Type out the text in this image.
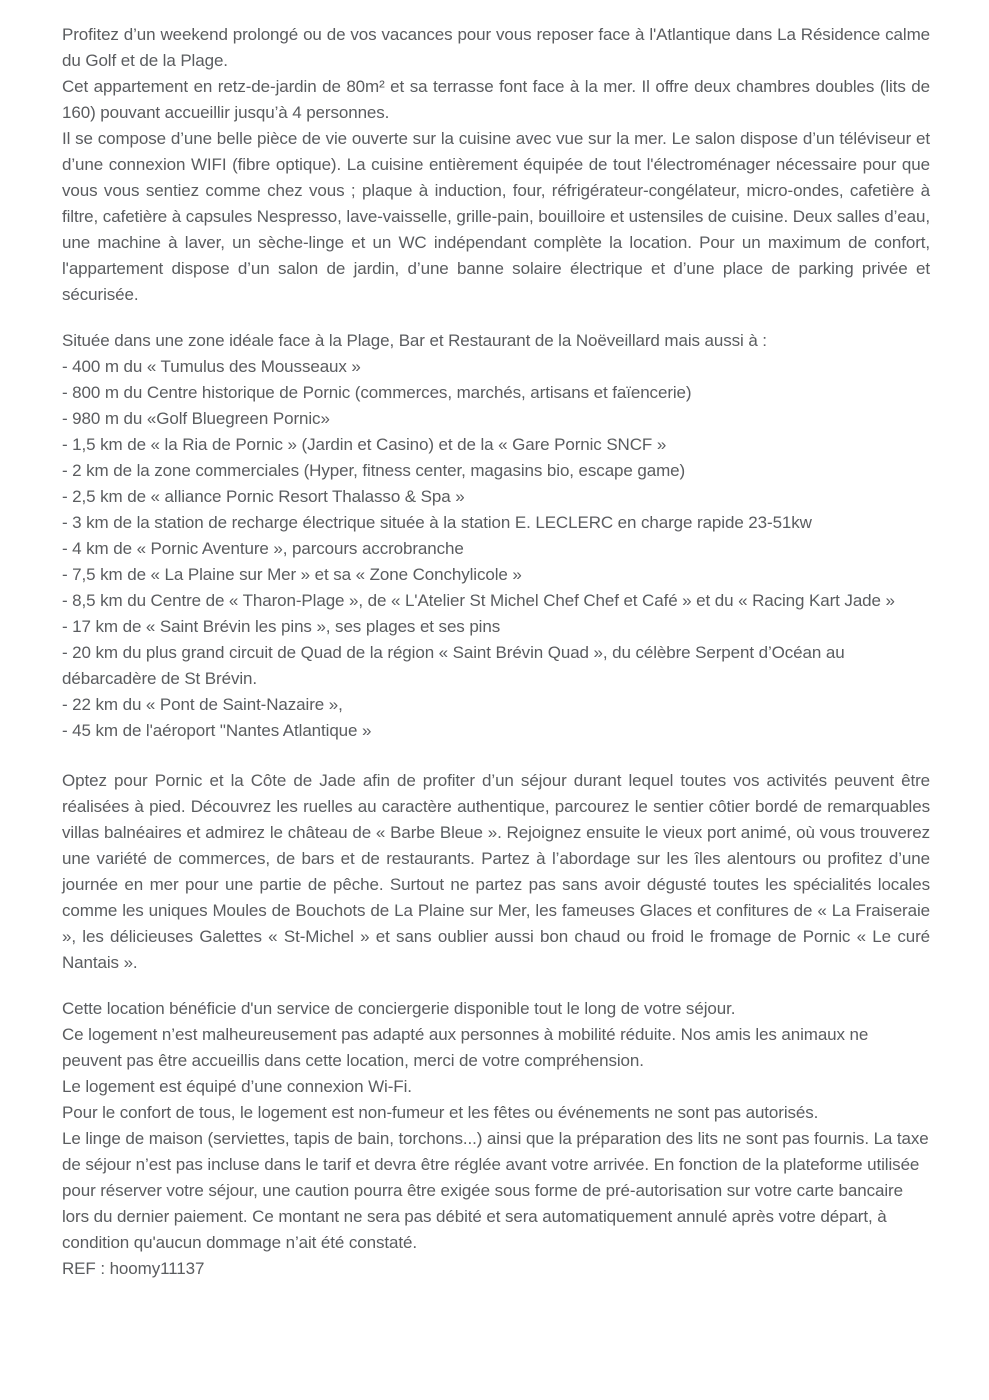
Profitez d’un weekend prolongé ou de vos vacances pour vous reposer face à l'Atlantique dans La Résidence calme du Golf et de la Plage.

Cet appartement en retz-de-jardin de 80m² et sa terrasse font face à la mer. Il offre deux chambres doubles (lits de 160) pouvant accueillir jusqu’à 4 personnes.

Il se compose d’une belle pièce de vie ouverte sur la cuisine avec vue sur la mer. Le salon dispose d’un téléviseur et d’une connexion WIFI (fibre optique). La cuisine entièrement équipée de tout l'électroménager nécessaire pour que vous vous sentiez comme chez vous ; plaque à induction, four, réfrigérateur-congélateur, micro-ondes, cafetière à filtre, cafetière à capsules Nespresso, lave-vaisselle, grille-pain, bouilloire et ustensiles de cuisine. Deux salles d’eau, une machine à laver, un sèche-linge et un WC indépendant complète la location. Pour un maximum de confort, l'appartement dispose d’un salon de jardin, d’une banne solaire électrique et d’une place de parking privée et sécurisée.

Située dans une zone idéale face à la Plage, Bar et Restaurant de la Noëveillard mais aussi à :

- 400 m du « Tumulus des Mousseaux »

- 800 m du Centre historique de Pornic (commerces, marchés, artisans et faïencerie)

- 980 m du «Golf Bluegreen Pornic»

- 1,5 km de « la Ria de Pornic » (Jardin et Casino) et de la « Gare Pornic SNCF »

- 2 km de la zone commerciales (Hyper, fitness center, magasins bio, escape game)

- 2,5 km de « alliance Pornic Resort Thalasso & Spa »

- 3 km de la station de recharge électrique située à la station E. LECLERC en charge rapide 23-51kw

- 4 km de « Pornic Aventure », parcours accrobranche

- 7,5 km de « La Plaine sur Mer » et sa « Zone Conchylicole »

- 8,5 km du Centre de « Tharon-Plage », de « L'Atelier St Michel Chef Chef et Café » et du « Racing Kart Jade »

- 17 km de « Saint Brévin les pins », ses plages et ses pins

- 20 km du plus grand circuit de Quad de la région « Saint Brévin Quad », du célèbre Serpent d’Océan au débarcadère de St Brévin.

- 22 km du « Pont de Saint-Nazaire »,

- 45 km de l'aéroport "Nantes Atlantique »

Optez pour Pornic et la Côte de Jade afin de profiter d’un séjour durant lequel toutes vos activités peuvent être réalisées à pied. Découvrez les ruelles au caractère authentique, parcourez le sentier côtier bordé de remarquables villas balnéaires et admirez le château de « Barbe Bleue ». Rejoignez ensuite le vieux port animé, où vous trouverez une variété de commerces, de bars et de restaurants. Partez à l’abordage sur les îles alentours ou profitez d’une journée en mer pour une partie de pêche. Surtout ne partez pas sans avoir dégusté toutes les spécialités locales comme les uniques Moules de Bouchots de La Plaine sur Mer, les fameuses Glaces et confitures de « La Fraiseraie », les délicieuses Galettes « St-Michel » et sans oublier aussi bon chaud ou froid le fromage de Pornic « Le curé Nantais ».

Cette location bénéficie d'un service de conciergerie disponible tout le long de votre séjour.

Ce logement n’est malheureusement pas adapté aux personnes à mobilité réduite. Nos amis les animaux ne peuvent pas être accueillis dans cette location, merci de votre compréhension.

Le logement est équipé d’une connexion Wi-Fi.

Pour le confort de tous, le logement est non-fumeur et les fêtes ou événements ne sont pas autorisés.

Le linge de maison (serviettes, tapis de bain, torchons...) ainsi que la préparation des lits ne sont pas fournis. La taxe de séjour n’est pas incluse dans le tarif et devra être réglée avant votre arrivée. En fonction de la plateforme utilisée pour réserver votre séjour, une caution pourra être exigée sous forme de pré-autorisation sur votre carte bancaire lors du dernier paiement. Ce montant ne sera pas débité et sera automatiquement annulé après votre départ, à condition qu'aucun dommage n’ait été constaté.

REF : hoomy11137
